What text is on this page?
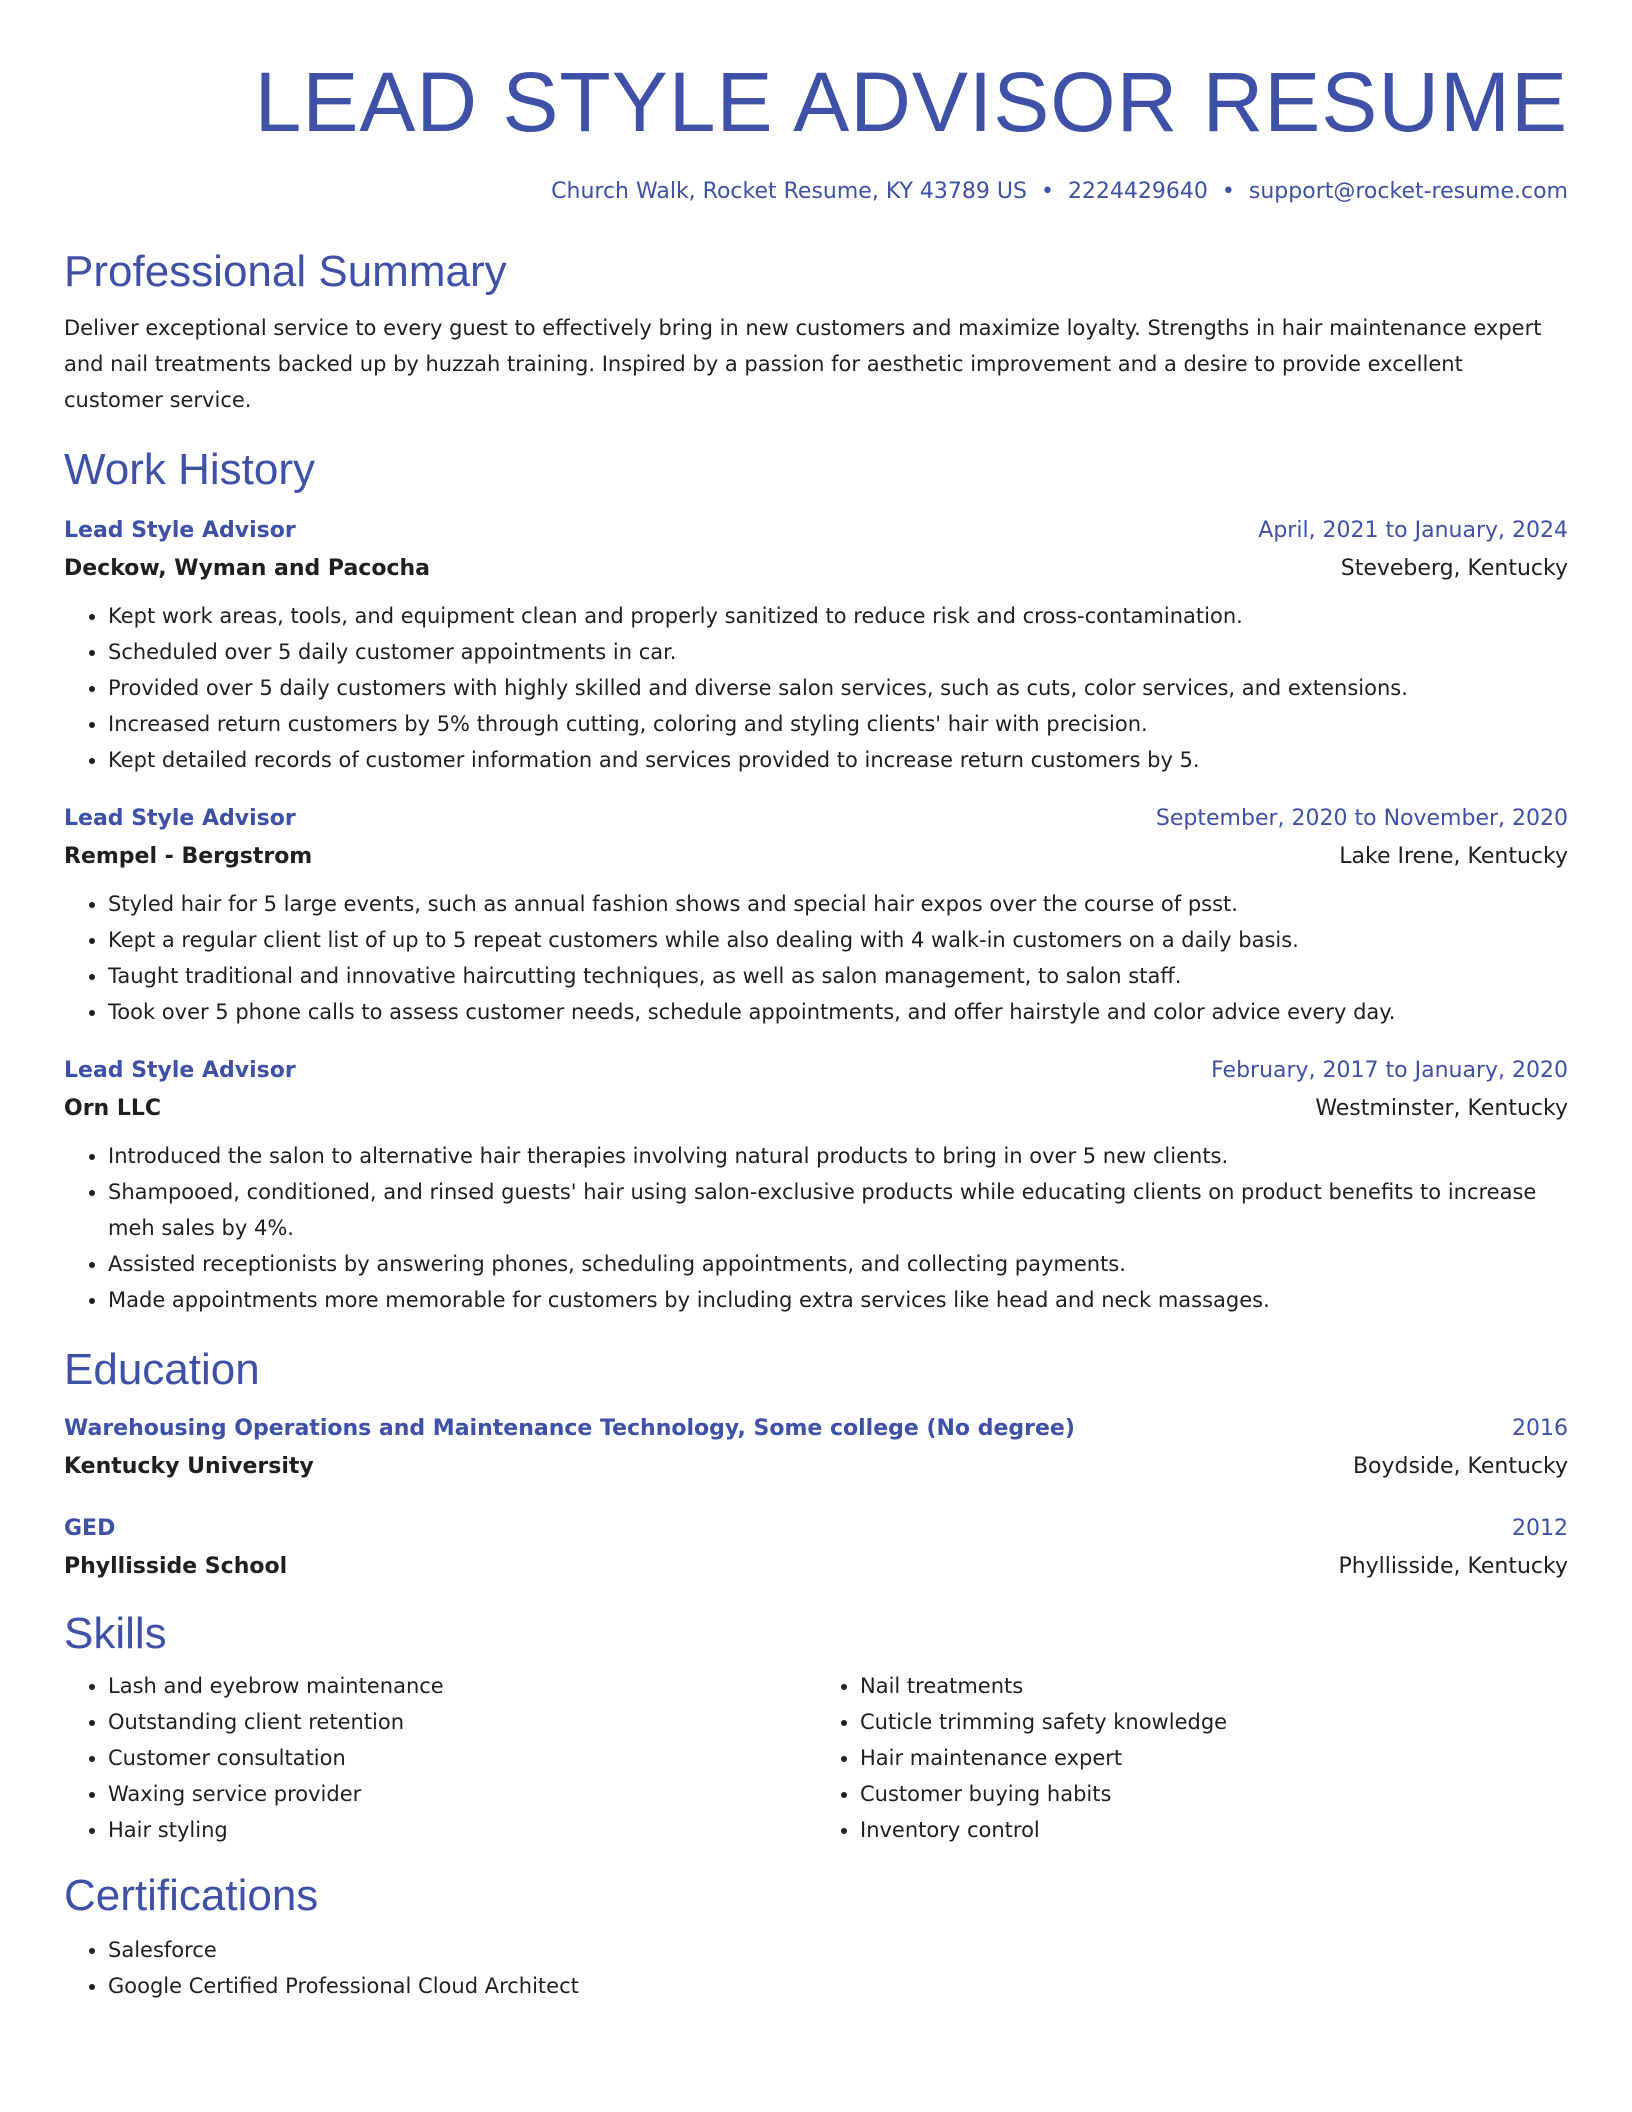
LEAD STYLE ADVISOR RESUME
Church Walk, Rocket Resume, KY 43789 US • 2224429640 • support@rocket-resume.com
Professional Summary
Deliver exceptional service to every guest to effectively bring in new customers and maximize loyalty. Strengths in hair maintenance expert and nail treatments backed up by huzzah training. Inspired by a passion for aesthetic improvement and a desire to provide excellent customer service.
Work History
Lead Style Advisor	April, 2021 to January, 2024
Deckow, Wyman and Pacocha	Steveberg, Kentucky
• Kept work areas, tools, and equipment clean and properly sanitized to reduce risk and cross-contamination.
• Scheduled over 5 daily customer appointments in car.
• Provided over 5 daily customers with highly skilled and diverse salon services, such as cuts, color services, and extensions.
• Increased return customers by 5% through cutting, coloring and styling clients' hair with precision.
• Kept detailed records of customer information and services provided to increase return customers by 5.
Lead Style Advisor	September, 2020 to November, 2020
Rempel - Bergstrom	Lake Irene, Kentucky
• Styled hair for 5 large events, such as annual fashion shows and special hair expos over the course of psst.
• Kept a regular client list of up to 5 repeat customers while also dealing with 4 walk-in customers on a daily basis.
• Taught traditional and innovative haircutting techniques, as well as salon management, to salon staff.
• Took over 5 phone calls to assess customer needs, schedule appointments, and offer hairstyle and color advice every day.
Lead Style Advisor	February, 2017 to January, 2020
Orn LLC	Westminster, Kentucky
• Introduced the salon to alternative hair therapies involving natural products to bring in over 5 new clients.
• Shampooed, conditioned, and rinsed guests' hair using salon-exclusive products while educating clients on product benefits to increase meh sales by 4%.
• Assisted receptionists by answering phones, scheduling appointments, and collecting payments.
• Made appointments more memorable for customers by including extra services like head and neck massages.
Education
Warehousing Operations and Maintenance Technology, Some college (No degree)	2016
Kentucky University	Boydside, Kentucky
GED	2012
Phyllisside School	Phyllisside, Kentucky
Skills
• Lash and eyebrow maintenance
• Outstanding client retention
• Customer consultation
• Waxing service provider
• Hair styling
• Nail treatments
• Cuticle trimming safety knowledge
• Hair maintenance expert
• Customer buying habits
• Inventory control
Certifications
• Salesforce
• Google Certified Professional Cloud Architect
